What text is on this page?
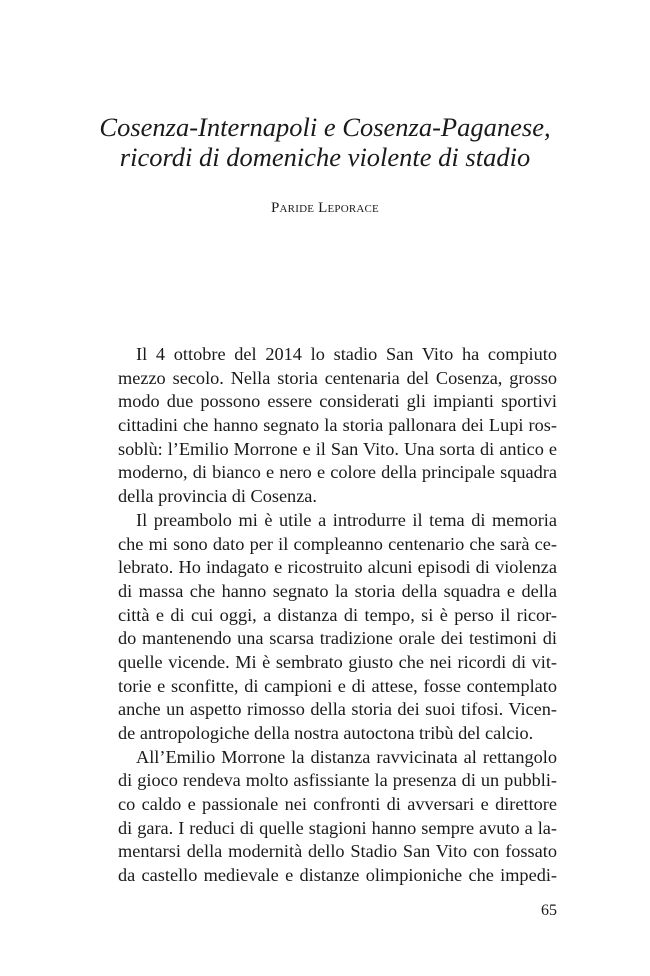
Cosenza-Internapoli e Cosenza-Paganese,
ricordi di domeniche violente di stadio
Paride Leporace
Il 4 ottobre del 2014 lo stadio San Vito ha compiuto
mezzo secolo. Nella storia centenaria del Cosenza, grosso
modo due possono essere considerati gli impianti sportivi
cittadini che hanno segnato la storia pallonara dei Lupi ros-
soblù: l’Emilio Morrone e il San Vito. Una sorta di antico e
moderno, di bianco e nero e colore della principale squadra
della provincia di Cosenza.
Il preambolo mi è utile a introdurre il tema di memoria
che mi sono dato per il compleanno centenario che sarà ce-
lebrato. Ho indagato e ricostruito alcuni episodi di violenza
di massa che hanno segnato la storia della squadra e della
città e di cui oggi, a distanza di tempo, si è perso il ricor-
do mantenendo una scarsa tradizione orale dei testimoni di
quelle vicende. Mi è sembrato giusto che nei ricordi di vit-
torie e sconfitte, di campioni e di attese, fosse contemplato
anche un aspetto rimosso della storia dei suoi tifosi. Vicen-
de antropologiche della nostra autoctona tribù del calcio.
All’Emilio Morrone la distanza ravvicinata al rettangolo
di gioco rendeva molto asfissiante la presenza di un pubbli-
co caldo e passionale nei confronti di avversari e direttore
di gara. I reduci di quelle stagioni hanno sempre avuto a la-
mentarsi della modernità dello Stadio San Vito con fossato
da castello medievale e distanze olimpioniche che impedi-
65
